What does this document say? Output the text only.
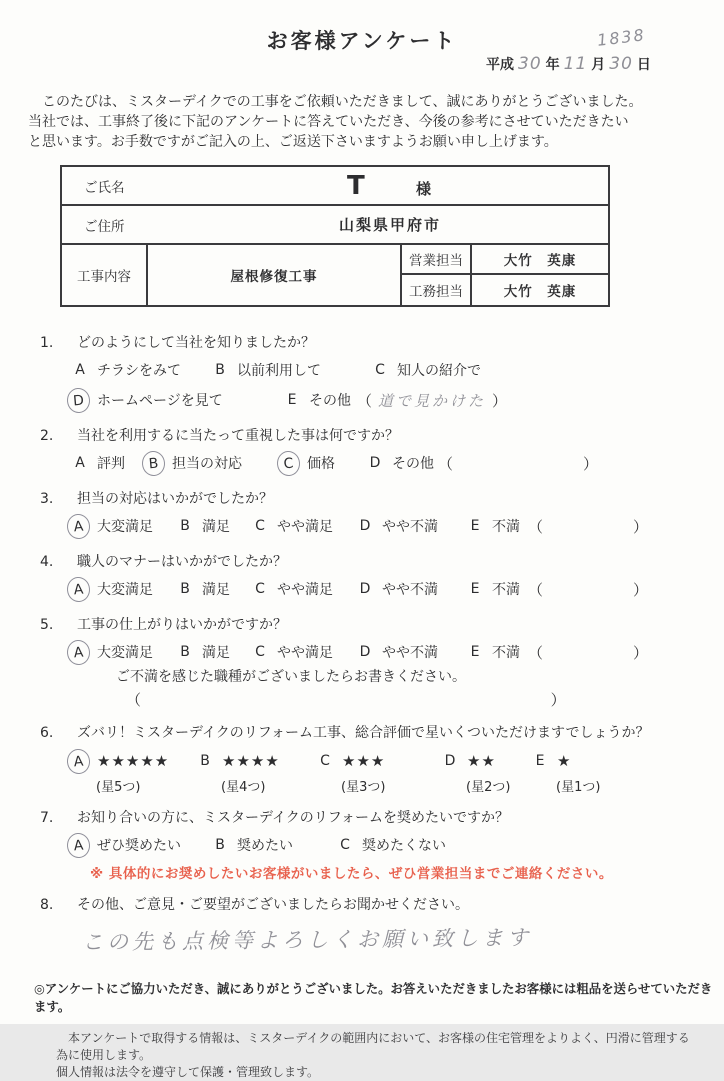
お客様アンケート	1838
平成 30 年 11 月 30 日
　このたびは、ミスターデイクでの工事をご依頼いただきまして、誠にありがとうございました。
当社では、工事終了後に下記のアンケートに答えていただき、今後の参考にさせていただきたい
と思います。お手数ですがご記入の上、ご返送下さいますようお願い申し上げます。
ご氏名	T	様
ご住所	山梨県甲府市
工事内容	屋根修復工事
営業担当	大竹　英康
工務担当	大竹　英康
1.	どのようにして当社を知りましたか？
A チラシをみて B 以前利用して	C 知人の紹介で
D ホームページを見て	E その他 （ 道で見かけた ）
2.	当社を利用するに当たって重視した事は何ですか？
A 評判	B 担当の対応	C 価格 D その他 （	）
3.	担当の対応はいかがでしたか？
A 大変満足 B 満足 C やや満足 D やや不満 E 不満 （	）
4.	職人のマナーはいかがでしたか？
A 大変満足 B 満足 C やや満足 D やや不満 E 不満 （	）
5.	工事の仕上がりはいかがですか？
A 大変満足 B 満足 C やや満足 D やや不満 E 不満 （	）
ご不満を感じた職種がございましたらお書きください。
（	）
6.	ズバリ！ミスターデイクのリフォーム工事、総合評価で星いくついただけますでしょうか？
A ★★★★★ B ★★★★	C ★★★	D ★★	E ★
(星5つ)	(星4つ)	(星3つ)	(星2つ)	(星1つ)
7.	お知り合いの方に、ミスターデイクのリフォームを奨めたいですか？
A ぜひ奨めたい B 奨めたい	C 奨めたくない
※ 具体的にお奨めしたいお客様がいましたら、ぜひ営業担当までご連絡ください。
8.	その他、ご意見・ご要望がございましたらお聞かせください。
この先も点検等よろしくお願い致します
◎アンケートにご協力いただき、誠にありがとうございました。お答えいただきましたお客様には粗品を送らせていただきます。
　本アンケートで取得する情報は、ミスターデイクの範囲内において、お客様の住宅管理をよりよく、円滑に管理する為に使用します。
個人情報は法令を遵守して保護・管理致します。
